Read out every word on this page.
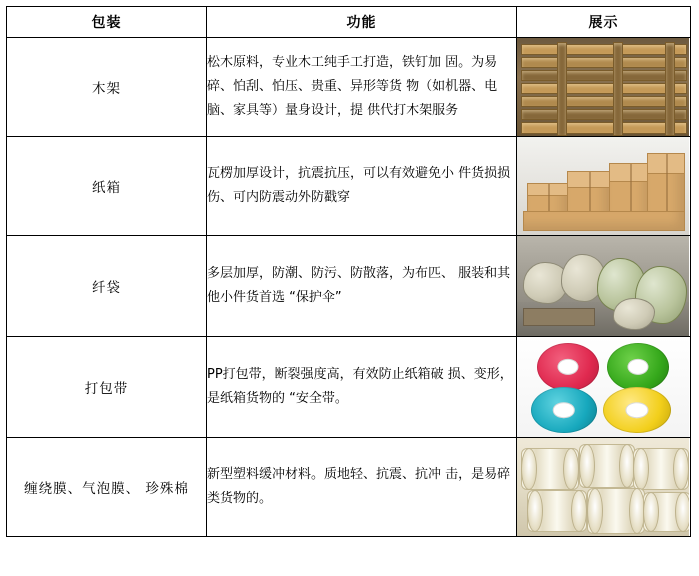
包装	功能	展示
木架	松木原料，专业木工纯手工打造，铁钉加 固。为易碎、怕刮、怕压、贵重、异形等货 物（如机器、电脑、家具等）量身设计，提 供代打木架服务	

纸箱	瓦楞加厚设计，抗震抗压，可以有效避免小 件货损损伤、可内防震动外防戳穿	

纤袋	多层加厚，防潮、防污、防散落，为布匹、 服装和其他小件货首选 “保护伞”	

打包带	PP打包带，断裂强度高，有效防止纸箱破 损、变形，是纸箱货物的 “安全带。	

缠绕膜、气泡膜、 珍殊棉	新型塑料缓冲材料。质地轻、抗震、抗冲 击，是易碎类货物的。	
